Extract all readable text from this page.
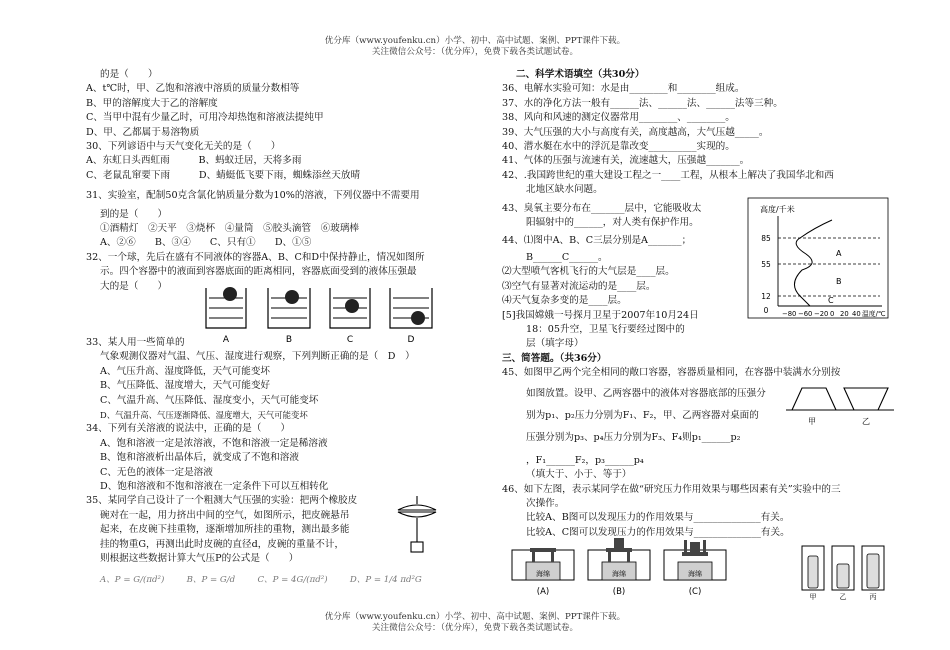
优分库（www.youfenku.cn）小学、初中、高中试题、案例、PPT课件下载。
关注微信公众号：（优分库），免费下载各类试题试卷。
的是（　　）
A、t℃时，甲、乙饱和溶液中溶质的质量分数相等
B、甲的溶解度大于乙的溶解度
C、当甲中混有少量乙时，可用冷却热饱和溶液法提纯甲
D、甲、乙都属于易溶物质
30、下列谚语中与天气变化无关的是（　　）
A、东虹日头西虹雨　　　B、蚂蚁迁居，天将多雨
C、老鼠乱窜要下雨　　　D、蜻蜓低飞要下雨，蜘蛛添丝天放晴
31、实验室，配制50克含氯化钠质量分数为10%的溶液，下列仪器中不需要用
到的是（　　）
①酒精灯　②天平　③烧杯　④量筒　⑤胶头滴管　⑥玻璃棒
A、②⑥　　B、③④　　C、只有①　　D、①⑤
32、一个球，先后在盛有不同液体的容器A、B、C和D中保持静止，情况如图所
示。四个容器中的液面到容器底面的距离相同，容器底面受到的液体压强最
大的是（　　）
A	B	C	D
33、某人用一些简单的
气象观测仪器对气温、气压、湿度进行观察，下列判断正确的是（　D　）
A、气压升高、湿度降低，天气可能变坏
B、气压降低、湿度增大，天气可能变好
C、气温升高、气压降低、湿度变小，天气可能变坏
D、气温升高、气压逐渐降低、湿度增大，天气可能变坏
34、下列有关溶液的说法中，正确的是（　　）
A、饱和溶液一定是浓溶液，不饱和溶液一定是稀溶液
B、饱和溶液析出晶体后，就变成了不饱和溶液
C、无色的液体一定是溶液
D、饱和溶液和不饱和溶液在一定条件下可以互相转化
35、某同学自己设计了一个粗测大气压强的实验：把两个橡胶皮
碗对在一起，用力挤出中间的空气，如图所示，把皮碗悬吊
起来，在皮碗下挂重物，逐渐增加所挂的重物，测出最多能
挂的物重G，再测出此时皮碗的直径d，皮碗的重量不计，
则根据这些数据计算大气压P的公式是（　　）
A、P = G/(πd²)　　	B、P = G/d　　	C、P = 4G/(πd²)　　	D、P = 1/4 πd²G
二、科学术语填空（共30分）
36、电解水实验可知：水是由________和________组成。
37、水的净化方法一般有______法、______法、______法等三种。
38、风向和风速的测定仪器常用________、________。
39、大气压强的大小与高度有关，高度越高，大气压越_____。
40、潜水艇在水中的浮沉是靠改变__________实现的。
41、气体的压强与流速有关，流速越大，压强越_______。
42、.我国跨世纪的重大建设工程之一____工程，从根本上解决了我国华北和西
北地区缺水问题。
43、臭氧主要分布在_______层中，它能吸收太
阳辐射中的______，对人类有保护作用。
44、⑴图中A、B、C三层分别是A_______；
B______C______。
⑵大型喷气客机飞行的大气层是____层。
⑶空气有显著对流运动的是____层。
⑷天气复杂多变的是____层。
[5]我国嫦娥一号探月卫星于2007年10月24日
18：05升空，卫星飞行要经过图中的
层（填字母）
三、简答题。（共36分）
45、如图甲乙两个完全相同的敞口容器，容器质量相同，在容器中装满水分别按
如图放置。设甲、乙两容器中的液体对容器底部的压强分
别为p₁、p₂压力分别为F₁、F₂，甲、乙两容器对桌面的
压强分别为p₃、p₄压力分别为F₃、F₄则p₁______p₂
，F₁______F₂，p₃______p₄
（填大于、小于、等于）
46、如下左图，表示某同学在做“研究压力作用效果与哪些因素有关”实验中的三
次操作。
比较A、B图可以发现压力的作用效果与______________有关。
比较A、C图可以发现压力的作用效果与______________有关。
高度/千米
85
55
12
0
A
B
C
−80 −60 −20 0 20 40 温度/℃
甲	乙
海绵	海绵	海绵
(A)	(B)	(C)	甲	乙	丙
优分库（www.youfenku.cn）小学、初中、高中试题、案例、PPT课件下载。
关注微信公众号：（优分库），免费下载各类试题试卷。
